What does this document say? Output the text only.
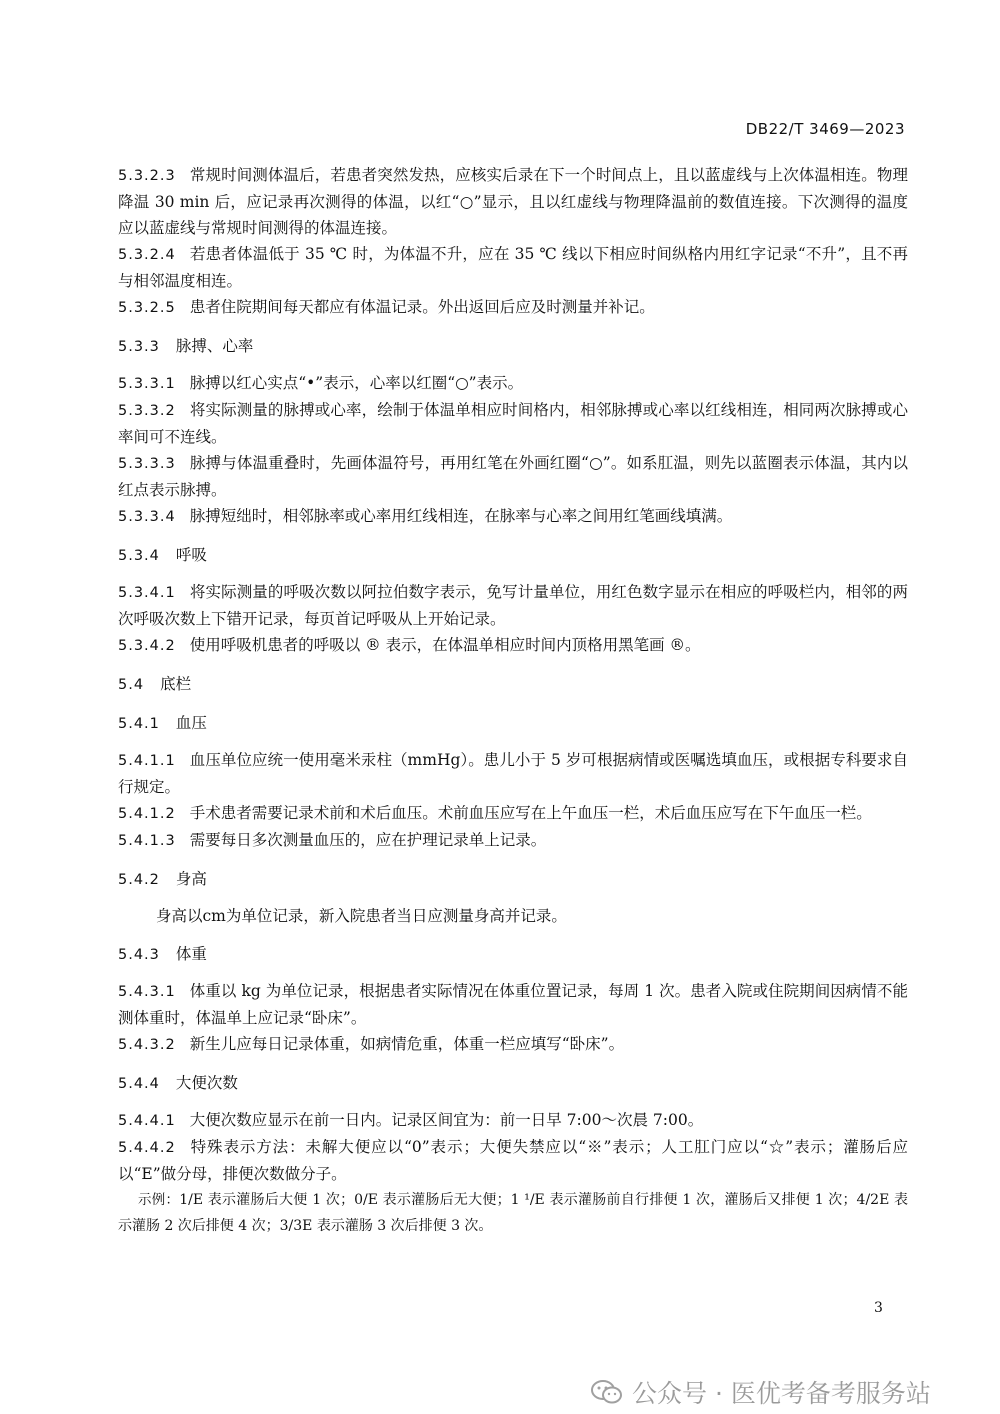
DB22/T 3469—2023

5.3.2.3 常规时间测体温后，若患者突然发热，应核实后录在下一个时间点上，且以蓝虚线与上次体温相连。物理降温 30 min 后，应记录再次测得的体温，以红“○”显示，且以红虚线与物理降温前的数值连接。下次测得的温度应以蓝虚线与常规时间测得的体温连接。

5.3.2.4 若患者体温低于 35 ℃ 时，为体温不升，应在 35 ℃ 线以下相应时间纵格内用红字记录“不升”，且不再与相邻温度相连。

5.3.2.5 患者住院期间每天都应有体温记录。外出返回后应及时测量并补记。

5.3.3 脉搏、心率

5.3.3.1 脉搏以红心实点“•”表示，心率以红圈“○”表示。

5.3.3.2 将实际测量的脉搏或心率，绘制于体温单相应时间格内，相邻脉搏或心率以红线相连，相同两次脉搏或心率间可不连线。

5.3.3.3 脉搏与体温重叠时，先画体温符号，再用红笔在外画红圈“○”。如系肛温，则先以蓝圈表示体温，其内以红点表示脉搏。

5.3.3.4 脉搏短绌时，相邻脉率或心率用红线相连，在脉率与心率之间用红笔画线填满。

5.3.4 呼吸

5.3.4.1 将实际测量的呼吸次数以阿拉伯数字表示，免写计量单位，用红色数字显示在相应的呼吸栏内，相邻的两次呼吸次数上下错开记录，每页首记呼吸从上开始记录。

5.3.4.2 使用呼吸机患者的呼吸以 ® 表示，在体温单相应时间内顶格用黑笔画 ®。

5.4 底栏
5.4.1 血压

5.4.1.1 血压单位应统一使用毫米汞柱（mmHg）。患儿小于 5 岁可根据病情或医嘱选填血压，或根据专科要求自行规定。

5.4.1.2 手术患者需要记录术前和术后血压。术前血压应写在上午血压一栏，术后血压应写在下午血压一栏。

5.4.1.3 需要每日多次测量血压的，应在护理记录单上记录。

5.4.2 身高

身高以cm为单位记录，新入院患者当日应测量身高并记录。

5.4.3 体重

5.4.3.1 体重以 kg 为单位记录，根据患者实际情况在体重位置记录，每周 1 次。患者入院或住院期间因病情不能测体重时，体温单上应记录“卧床”。

5.4.3.2 新生儿应每日记录体重，如病情危重，体重一栏应填写“卧床”。

5.4.4 大便次数

5.4.4.1 大便次数应显示在前一日内。记录区间宜为：前一日早 7:00～次晨 7:00。

5.4.4.2 特殊表示方法：未解大便应以“0”表示；大便失禁应以“※”表示；人工肛门应以“☆”表示；灌肠后应以“E”做分母，排便次数做分子。

示例：1/E 表示灌肠后大便 1 次；0/E 表示灌肠后无大便；1 ¹/E 表示灌肠前自行排便 1 次，灌肠后又排便 1 次；4/2E 表示灌肠 2 次后排便 4 次；3/3E 表示灌肠 3 次后排便 3 次。

3
公众号 · 医优考备考服务站
